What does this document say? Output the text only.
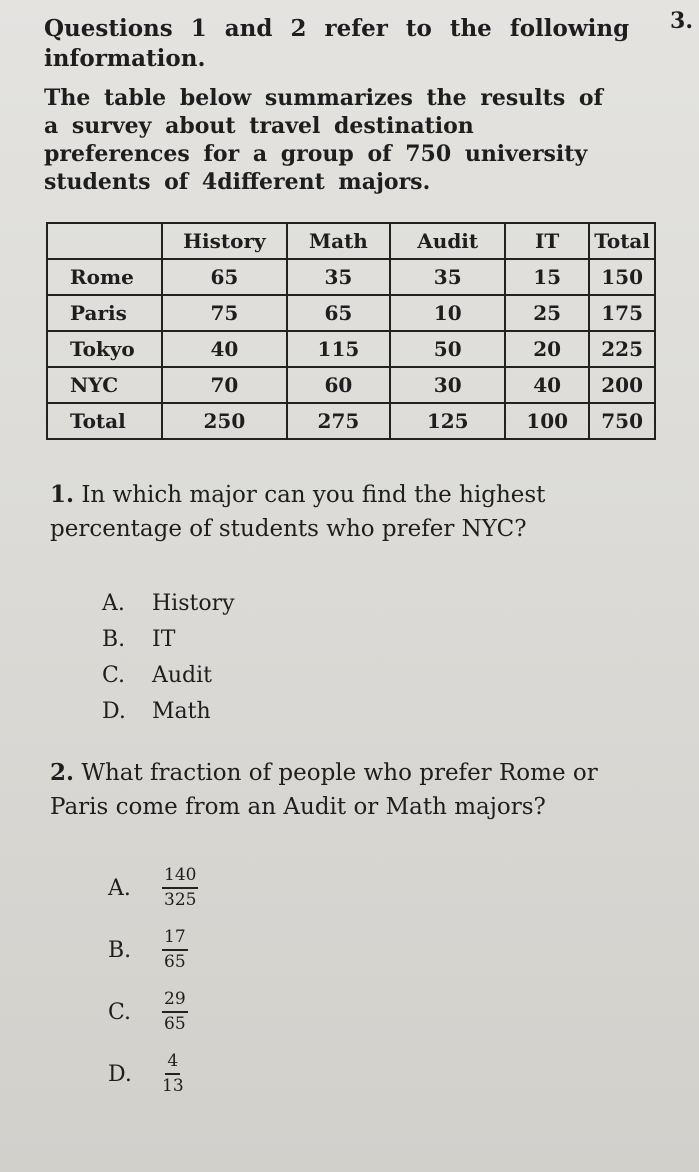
3.
Questions 1 and 2 refer to the following information.
The table below summarizes the results of a survey about travel destination preferences for a group of 750 university students of 4different majors.
	History	Math	Audit	IT	Total
Rome	65	35	35	15	150
Paris	75	65	10	25	175
Tokyo	40	115	50	20	225
NYC	70	60	30	40	200
Total	250	275	125	100	750
1. In which major can you find the highest percentage of students who prefer NYC?
A.	History
B.	IT
C.	Audit
D.	Math
2. What fraction of people who prefer Rome or Paris come from an Audit or Math majors?
A.	$\frac{140}{325}$
B.	$\frac{17}{65}$
C.	$\frac{29}{65}$
D.	$\frac{4}{13}$
